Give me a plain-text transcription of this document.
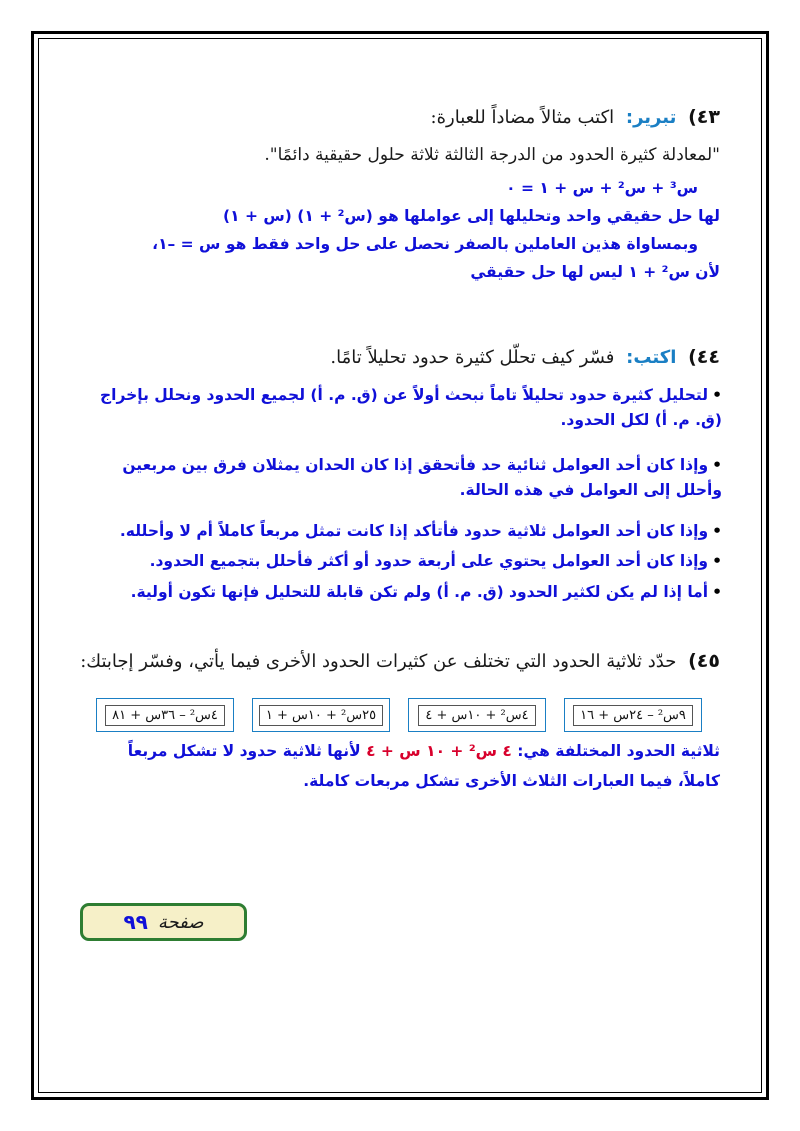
٤٣) تبرير: اكتب مثالاً مضاداً للعبارة:
"لمعادلة كثيرة الحدود من الدرجة الثالثة ثلاثة حلول حقيقية دائمًا".
س³ + س² + س + ١ = ٠
لها حل حقيقي واحد وتحليلها إلى عواملها هو (س² + ١) (س + ١)
وبمساواة هذين العاملين بالصفر نحصل على حل واحد فقط هو س = –١،
لأن س² + ١ ليس لها حل حقيقي
٤٤) اكتب: فسّر كيف تحلّل كثيرة حدود تحليلاً تامًا.
•لتحليل كثيرة حدود تحليلاً تاماً نبحث أولاً عن (ق. م. أ) لجميع الحدود ونحلل بإخراج (ق. م. أ) لكل الحدود.
•وإذا كان أحد العوامل ثنائية حد فأتحقق إذا كان الحدان يمثلان فرق بين مربعين وأحلل إلى العوامل في هذه الحالة.
•وإذا كان أحد العوامل ثلاثية حدود فأتأكد إذا كانت تمثل مربعاً كاملاً أم لا وأحلله.
•وإذا كان أحد العوامل يحتوي على أربعة حدود أو أكثر فأحلل بتجميع الحدود.
•أما إذا لم يكن لكثير الحدود (ق. م. أ) ولم تكن قابلة للتحليل فإنها تكون أولية.
٤٥) حدّد ثلاثية الحدود التي تختلف عن كثيرات الحدود الأخرى فيما يأتي، وفسّر إجابتك:
٩س² – ٢٤س + ١٦
٤س² + ١٠س + ٤
٢٥س² + ١٠س + ١
٤س² – ٣٦س + ٨١
ثلاثية الحدود المختلفة هي: ٤ س² + ١٠ س + ٤ لأنها ثلاثية حدود لا تشكل مربعاً
كاملاً، فيما العبارات الثلاث الأخرى تشكل مربعات كاملة.
صفحة
٩٩
